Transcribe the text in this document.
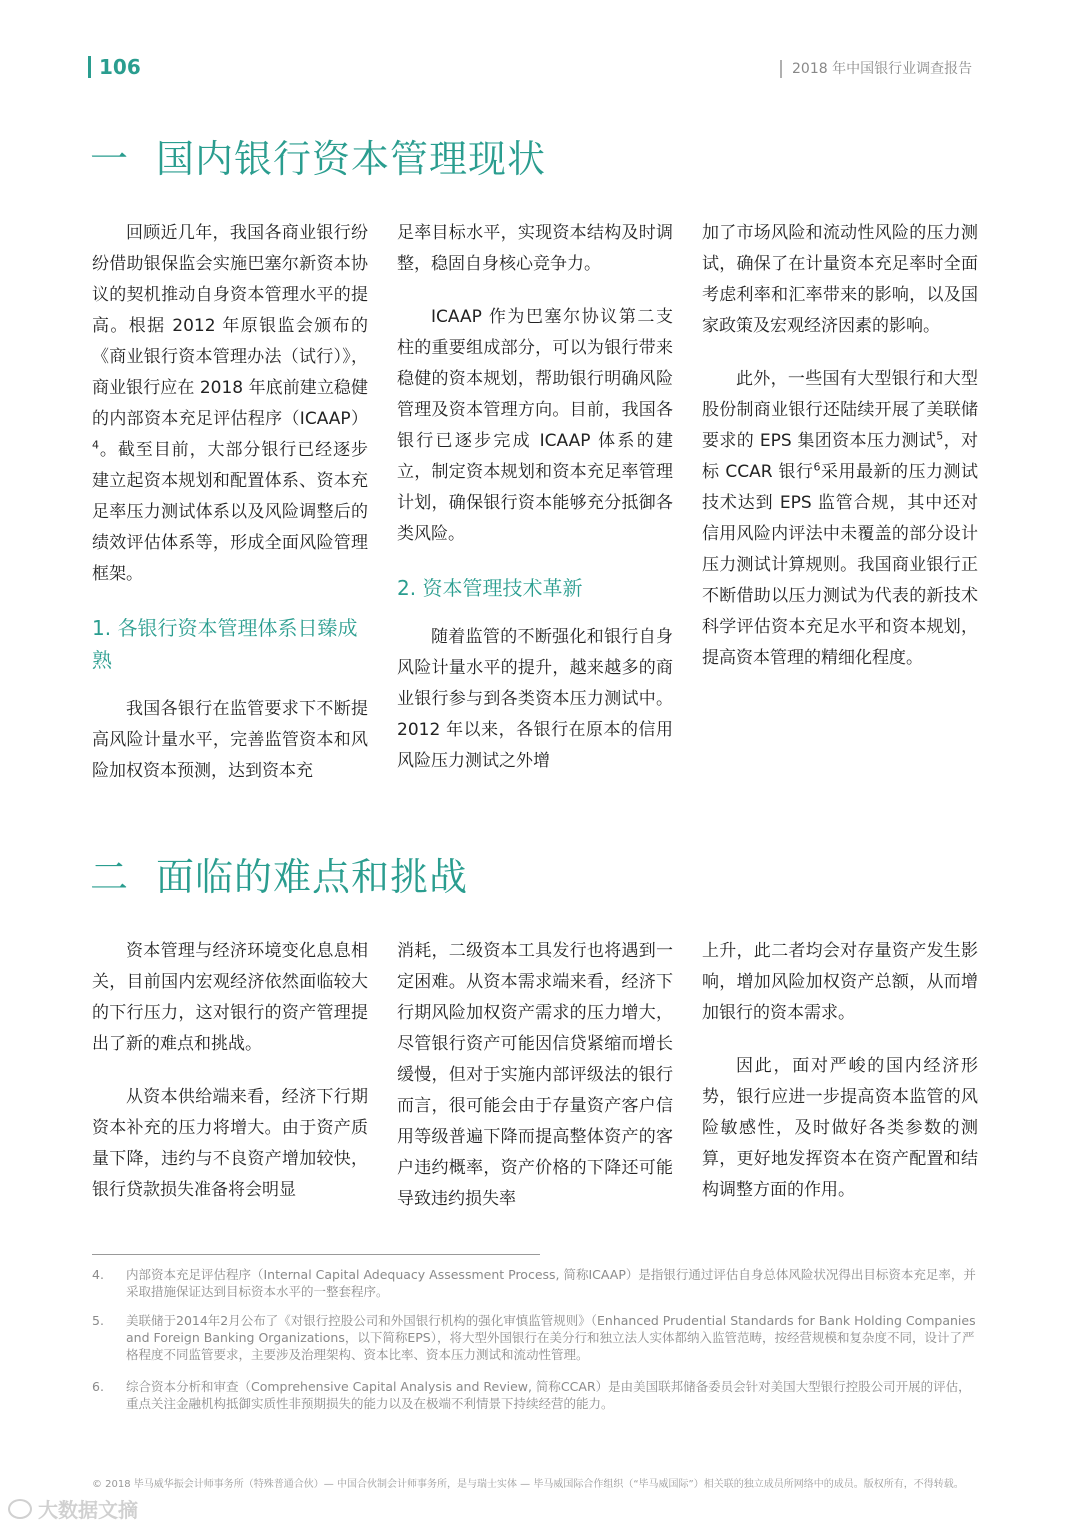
106	2018 年中国银行业调查报告
一 国内银行资本管理现状

回顾近几年，我国各商业银行纷纷借助银保监会实施巴塞尔新资本协议的契机推动自身资本管理水平的提高。根据 2012 年原银监会颁布的《商业银行资本管理办法（试行）》，商业银行应在 2018 年底前建立稳健的内部资本充足评估程序（ICAAP）$^4$。截至目前，大部分银行已经逐步建立起资本规划和配置体系、资本充足率压力测试体系以及风险调整后的绩效评估体系等，形成全面风险管理框架。

1. 各银行资本管理体系日臻成熟

我国各银行在监管要求下不断提高风险计量水平，完善监管资本和风险加权资本预测，达到资本充

足率目标水平，实现资本结构及时调整，稳固自身核心竞争力。

ICAAP 作为巴塞尔协议第二支柱的重要组成部分，可以为银行带来稳健的资本规划，帮助银行明确风险管理及资本管理方向。目前，我国各银行已逐步完成 ICAAP 体系的建立，制定资本规划和资本充足率管理计划，确保银行资本能够充分抵御各类风险。

2. 资本管理技术革新

随着监管的不断强化和银行自身风险计量水平的提升，越来越多的商业银行参与到各类资本压力测试中。 2012 年以来，各银行在原本的信用风险压力测试之外增

加了市场风险和流动性风险的压力测试，确保了在计量资本充足率时全面考虑利率和汇率带来的影响，以及国家政策及宏观经济因素的影响。

此外，一些国有大型银行和大型股份制商业银行还陆续开展了美联储要求的 EPS 集团资本压力测试$^5$，对标 CCAR 银行$^6$采用最新的压力测试技术达到 EPS 监管合规，其中还对信用风险内评法中未覆盖的部分设计压力测试计算规则。我国商业银行正不断借助以压力测试为代表的新技术科学评估资本充足水平和资本规划，提高资本管理的精细化程度。

二 面临的难点和挑战

资本管理与经济环境变化息息相关，目前国内宏观经济依然面临较大的下行压力，这对银行的资产管理提出了新的难点和挑战。

从资本供给端来看，经济下行期资本补充的压力将增大。由于资产质量下降，违约与不良资产增加较快，银行贷款损失准备将会明显

消耗，二级资本工具发行也将遇到一定困难。从资本需求端来看，经济下行期风险加权资产需求的压力增大，尽管银行资产可能因信贷紧缩而增长缓慢，但对于实施内部评级法的银行而言，很可能会由于存量资产客户信用等级普遍下降而提高整体资产的客户违约概率，资产价格的下降还可能导致违约损失率

上升，此二者均会对存量资产发生影响，增加风险加权资产总额，从而增加银行的资本需求。

因此，面对严峻的国内经济形势，银行应进一步提高资本监管的风险敏感性，及时做好各类参数的测算，更好地发挥资本在资产配置和结构调整方面的作用。

4. 内部资本充足评估程序（Internal Capital Adequacy Assessment Process, 简称ICAAP）是指银行通过评估自身总体风险状况得出目标资本充足率，并采取措施保证达到目标资本水平的一整套程序。
5. 美联储于2014年2月公布了《对银行控股公司和外国银行机构的强化审慎监管规则》（Enhanced Prudential Standards for Bank Holding Companies and Foreign Banking Organizations，以下简称EPS），将大型外国银行在美分行和独立法人实体都纳入监管范畴，按经营规模和复杂度不同，设计了严格程度不同监管要求，主要涉及治理架构、资本比率、资本压力测试和流动性管理。
6. 综合资本分析和审查（Comprehensive Capital Analysis and Review, 简称CCAR）是由美国联邦储备委员会针对美国大型银行控股公司开展的评估，重点关注金融机构抵御实质性非预期损失的能力以及在极端不利情景下持续经营的能力。
© 2018 毕马威华振会计师事务所（特殊普通合伙）— 中国合伙制会计师事务所，是与瑞士实体 — 毕马威国际合作组织（“毕马威国际”）相关联的独立成员所网络中的成员。版权所有，不得转载。
大数据文摘
